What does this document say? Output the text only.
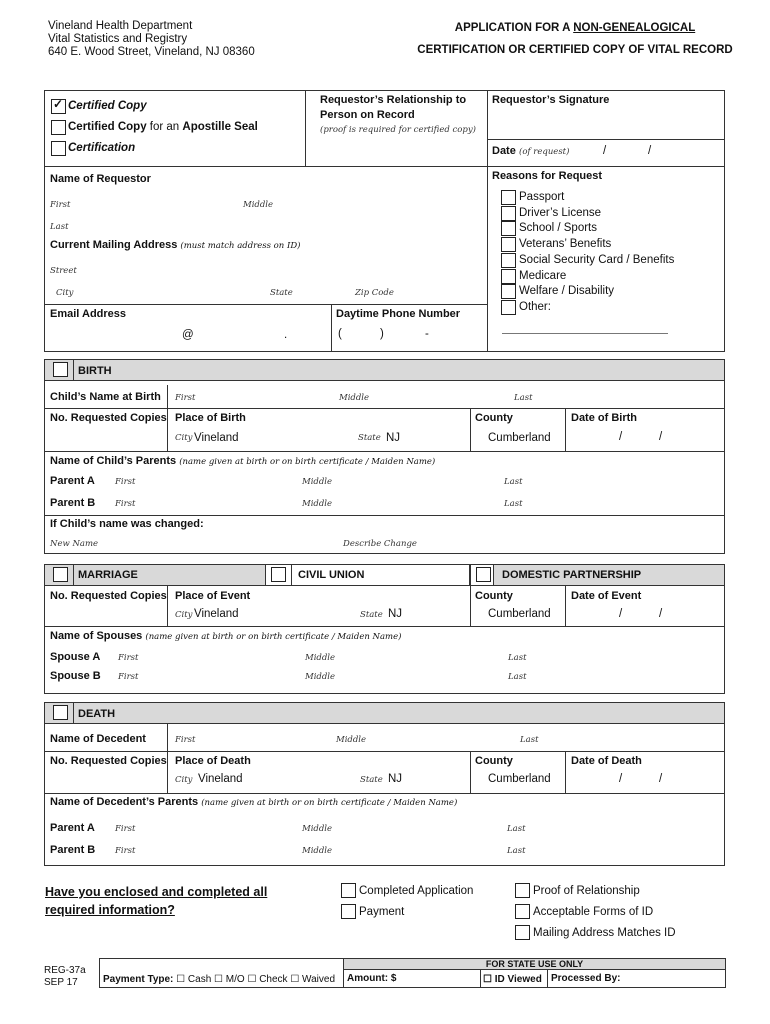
Vineland Health Department
Vital Statistics and Registry
640 E. Wood Street, Vineland, NJ 08360
APPLICATION FOR A NON-GENEALOGICAL
CERTIFICATION OR CERTIFIED COPY OF VITAL RECORD
✓ Certified Copy
Certified Copy for an Apostille Seal
Certification
Requestor’s Relationship to
Person on Record
(proof is required for certified copy)
Requestor’s Signature
Date (of request)	/	/
Name of Requestor
First	Middle
Last
Current Mailing Address (must match address on ID)
Street
City	State	Zip Code
Email Address
@	.
Daytime Phone Number
(	)	-
Reasons for Request
Passport
Driver’s License
School / Sports
Veterans’ Benefits
Social Security Card / Benefits
Medicare
Welfare / Disability
Other:
BIRTH
Child’s Name at Birth First	Middle	Last
No. Requested Copies Place of Birth
City Vineland	State NJ
County
Cumberland
Date of Birth
/	/
Name of Child’s Parents (name given at birth or on birth certificate / Maiden Name)
Parent A First	Middle	Last
Parent B First	Middle	Last
If Child’s name was changed:
New Name	Describe Change
MARRIAGE	CIVIL UNION	DOMESTIC PARTNERSHIP
No. Requested Copies Place of Event
City Vineland	State NJ
County
Cumberland
Date of Event
/	/
Name of Spouses (name given at birth or on birth certificate / Maiden Name)
Spouse A First	Middle	Last
Spouse B First	Middle	Last
DEATH
Name of Decedent	First	Middle	Last
No. Requested Copies Place of Death
City Vineland	State NJ
County
Cumberland
Date of Death
/	/
Name of Decedent’s Parents (name given at birth or on birth certificate / Maiden Name)
Parent A First	Middle	Last
Parent B First	Middle	Last
Have you enclosed and completed all
required information?
Completed Application
Payment
Proof of Relationship
Acceptable Forms of ID
Mailing Address Matches ID
REG-37a
SEP 17
FOR STATE USE ONLY
Payment Type: ☐ Cash ☐ M/O ☐ Check ☐ Waived Amount: $	☐ ID Viewed Processed By:
